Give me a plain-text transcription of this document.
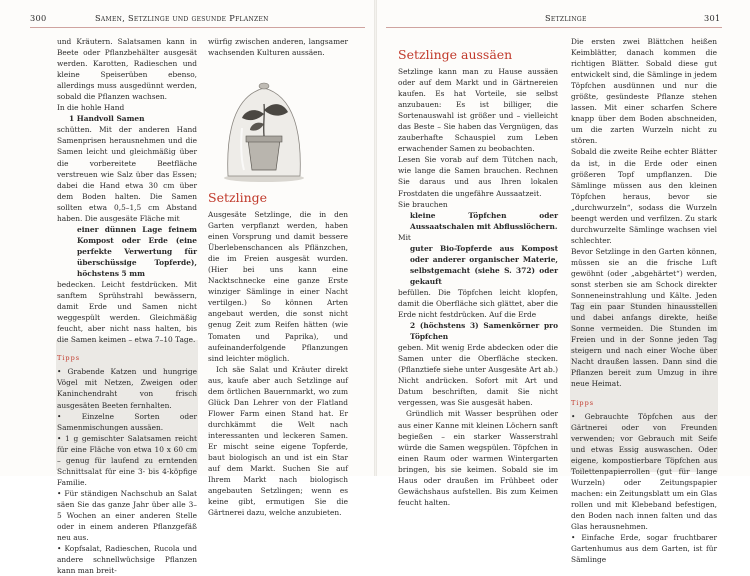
300	Samen, Setzlinge und gesunde Pflanzen

und Kräutern. Salatsamen kann in Beete oder Pflanzbehälter ausgesät werden. Karotten, Radieschen und kleine Speiserüben ebenso, allerdings muss ausgedünnt werden, sobald die Pflanzen wachsen.

In die hohle Hand

1 Handvoll Samen

schütten. Mit der anderen Hand Samenprisen herausnehmen und die Samen leicht und gleichmäßig über die vorbereitete Beetfläche verstreuen wie Salz über das Essen; dabei die Hand etwa 30 cm über dem Boden halten. Die Samen sollten etwa 0,5–1,5 cm Abstand haben. Die ausgesäte Fläche mit

einer dünnen Lage feinem Kompost oder Erde (eine perfekte Verwertung für überschüssige Topferde), höchstens 5 mm

bedecken. Leicht festdrücken. Mit sanftem Sprühstrahl bewässern, damit Erde und Samen nicht weggespült werden. Gleichmäßig feucht, aber nicht nass halten, bis die Samen keimen – etwa 7–10 Tage.

Tipps

• Grabende Katzen und hungrige Vögel mit Netzen, Zweigen oder Kaninchendraht von frisch ausgesäten Beeten fernhalten.

• Einzelne Sorten oder Samenmischungen aussäen.

• 1 g gemischter Salatsamen reicht für eine Fläche von etwa 10 x 60 cm – genug für laufend zu erntenden Schnittsalat für eine 3- bis 4-köpfige Familie.

• Für ständigen Nachschub an Salat säen Sie das ganze Jahr über alle 3–5 Wochen an einer anderen Stelle oder in einem anderen Pflanzgefäß neu aus.

• Kopfsalat, Radieschen, Rucola und andere schnellwüchsige Pflanzen kann man breit-

würfig zwischen anderen, langsamer wachsenden Kulturen aussäen.

Setzlinge

Ausgesäte Setzlinge, die in den Garten verpflanzt werden, haben einen Vorsprung und damit bessere Überlebenschancen als Pflänzchen, die im Freien ausgesät wurden. (Hier bei uns kann eine Nacktschnecke eine ganze Erste winziger Sämlinge in einer Nacht vertilgen.) So können Arten angebaut werden, die sonst nicht genug Zeit zum Reifen hätten (wie Tomaten und Paprika), und aufeinanderfolgende Pflanzungen sind leichter möglich.

Ich säe Salat und Kräuter direkt aus, kaufe aber auch Setzlinge auf dem örtlichen Bauernmarkt, wo zum Glück Dan Lehrer von der Flatland Flower Farm einen Stand hat. Er durchkämmt die Welt nach interessanten und leckeren Samen. Er mischt seine eigene Topferde, baut biologisch an und ist ein Star auf dem Markt. Suchen Sie auf Ihrem Markt nach biologisch angebauten Setzlingen; wenn es keine gibt, ermutigen Sie die Gärtnerei dazu, welche anzubieten.

Setzlinge	301

Setzlinge aussäen

Setzlinge kann man zu Hause aussäen oder auf dem Markt und in Gärtnereien kaufen. Es hat Vorteile, sie selbst anzubauen: Es ist billiger, die Sortenauswahl ist größer und – vielleicht das Beste – Sie haben das Vergnügen, das zauberhafte Schauspiel zum Leben erwachender Samen zu beobachten.

Lesen Sie vorab auf dem Tütchen nach, wie lange die Samen brauchen. Rechnen Sie daraus und aus Ihren lokalen Frostdaten die ungefähre Aussaatzeit.

Sie brauchen

kleine Töpfchen oder Aussaatschalen mit Abflusslöchern.

Mit

guter Bio-Topferde aus Kompost oder anderer organischer Materie, selbstgemacht (siehe S. 372) oder gekauft

befüllen. Die Töpfchen leicht klopfen, damit die Oberfläche sich glättet, aber die Erde nicht festdrücken. Auf die Erde

2 (höchstens 3) Samenkörner pro Töpfchen

geben. Mit wenig Erde abdecken oder die Samen unter die Oberfläche stecken. (Pflanztiefe siehe unter Ausgesäte Art ab.) Nicht andrücken. Sofort mit Art und Datum beschriften, damit Sie nicht vergessen, was Sie ausgesät haben.

Gründlich mit Wasser besprühen oder aus einer Kanne mit kleinen Löchern sanft begießen – ein starker Wasserstrahl würde die Samen wegspülen. Töpfchen in einen Raum oder warmen Wintergarten bringen, bis sie keimen. Sobald sie im Haus oder draußen im Frühbeet oder Gewächshaus aufstellen. Bis zum Keimen feucht halten.

Die ersten zwei Blättchen heißen Keimblätter, danach kommen die richtigen Blätter. Sobald diese gut entwickelt sind, die Sämlinge in jedem Töpfchen ausdünnen und nur die größte, gesündeste Pflanze stehen lassen. Mit einer scharfen Schere knapp über dem Boden abschneiden, um die zarten Wurzeln nicht zu stören.

Sobald die zweite Reihe echter Blätter da ist, in die Erde oder einen größeren Topf umpflanzen. Die Sämlinge müssen aus den kleinen Töpfchen heraus, bevor sie „durchwurzeln“, sodass die Wurzeln beengt werden und verfilzen. Zu stark durchwurzelte Sämlinge wachsen viel schlechter.

Bevor Setzlinge in den Garten können, müssen sie an die frische Luft gewöhnt (oder „abgehärtet“) werden, sonst sterben sie am Schock direkter Sonneneinstrahlung und Kälte. Jeden Tag ein paar Stunden hinausstellen und dabei anfangs direkte, heiße Sonne vermeiden. Die Stunden im Freien und in der Sonne jeden Tag steigern und nach einer Woche über Nacht draußen lassen. Dann sind die Pflanzen bereit zum Umzug in ihre neue Heimat.

Tipps

• Gebrauchte Töpfchen aus der Gärtnerei oder von Freunden verwenden; vor Gebrauch mit Seife und etwas Essig auswaschen. Oder eigene, kompostierbare Töpfchen aus Toilettenpapierrollen (gut für lange Wurzeln) oder Zeitungspapier machen: ein Zeitungsblatt um ein Glas rollen und mit Klebeband befestigen, den Boden nach innen falten und das Glas herausnehmen.

• Einfache Erde, sogar fruchtbarer Gartenhumus aus dem Garten, ist für Sämlinge
